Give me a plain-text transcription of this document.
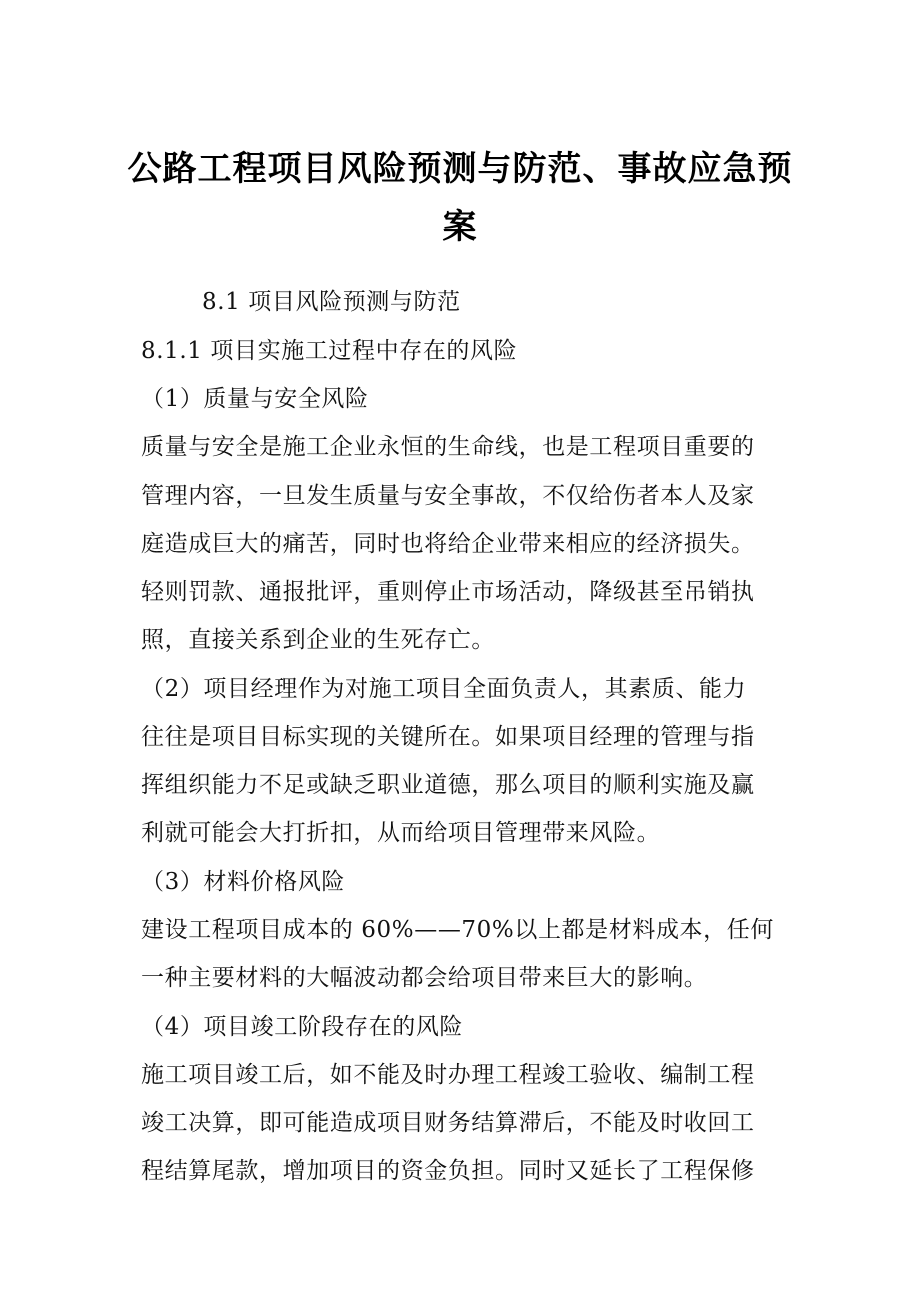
公路工程项目风险预测与防范、事故应急预
案
8.1 项目风险预测与防范
8.1.1 项目实施工过程中存在的风险
（1）质量与安全风险
质量与安全是施工企业永恒的生命线，也是工程项目重要的
管理内容，一旦发生质量与安全事故，不仅给伤者本人及家
庭造成巨大的痛苦，同时也将给企业带来相应的经济损失。
轻则罚款、通报批评，重则停止市场活动，降级甚至吊销执
照，直接关系到企业的生死存亡。
（2）项目经理作为对施工项目全面负责人，其素质、能力
往往是项目目标实现的关键所在。如果项目经理的管理与指
挥组织能力不足或缺乏职业道德，那么项目的顺利实施及赢
利就可能会大打折扣，从而给项目管理带来风险。
（3）材料价格风险
建设工程项目成本的 60%——70%以上都是材料成本，任何
一种主要材料的大幅波动都会给项目带来巨大的影响。
（4）项目竣工阶段存在的风险
施工项目竣工后，如不能及时办理工程竣工验收、编制工程
竣工决算，即可能造成项目财务结算滞后，不能及时收回工
程结算尾款，增加项目的资金负担。同时又延长了工程保修
